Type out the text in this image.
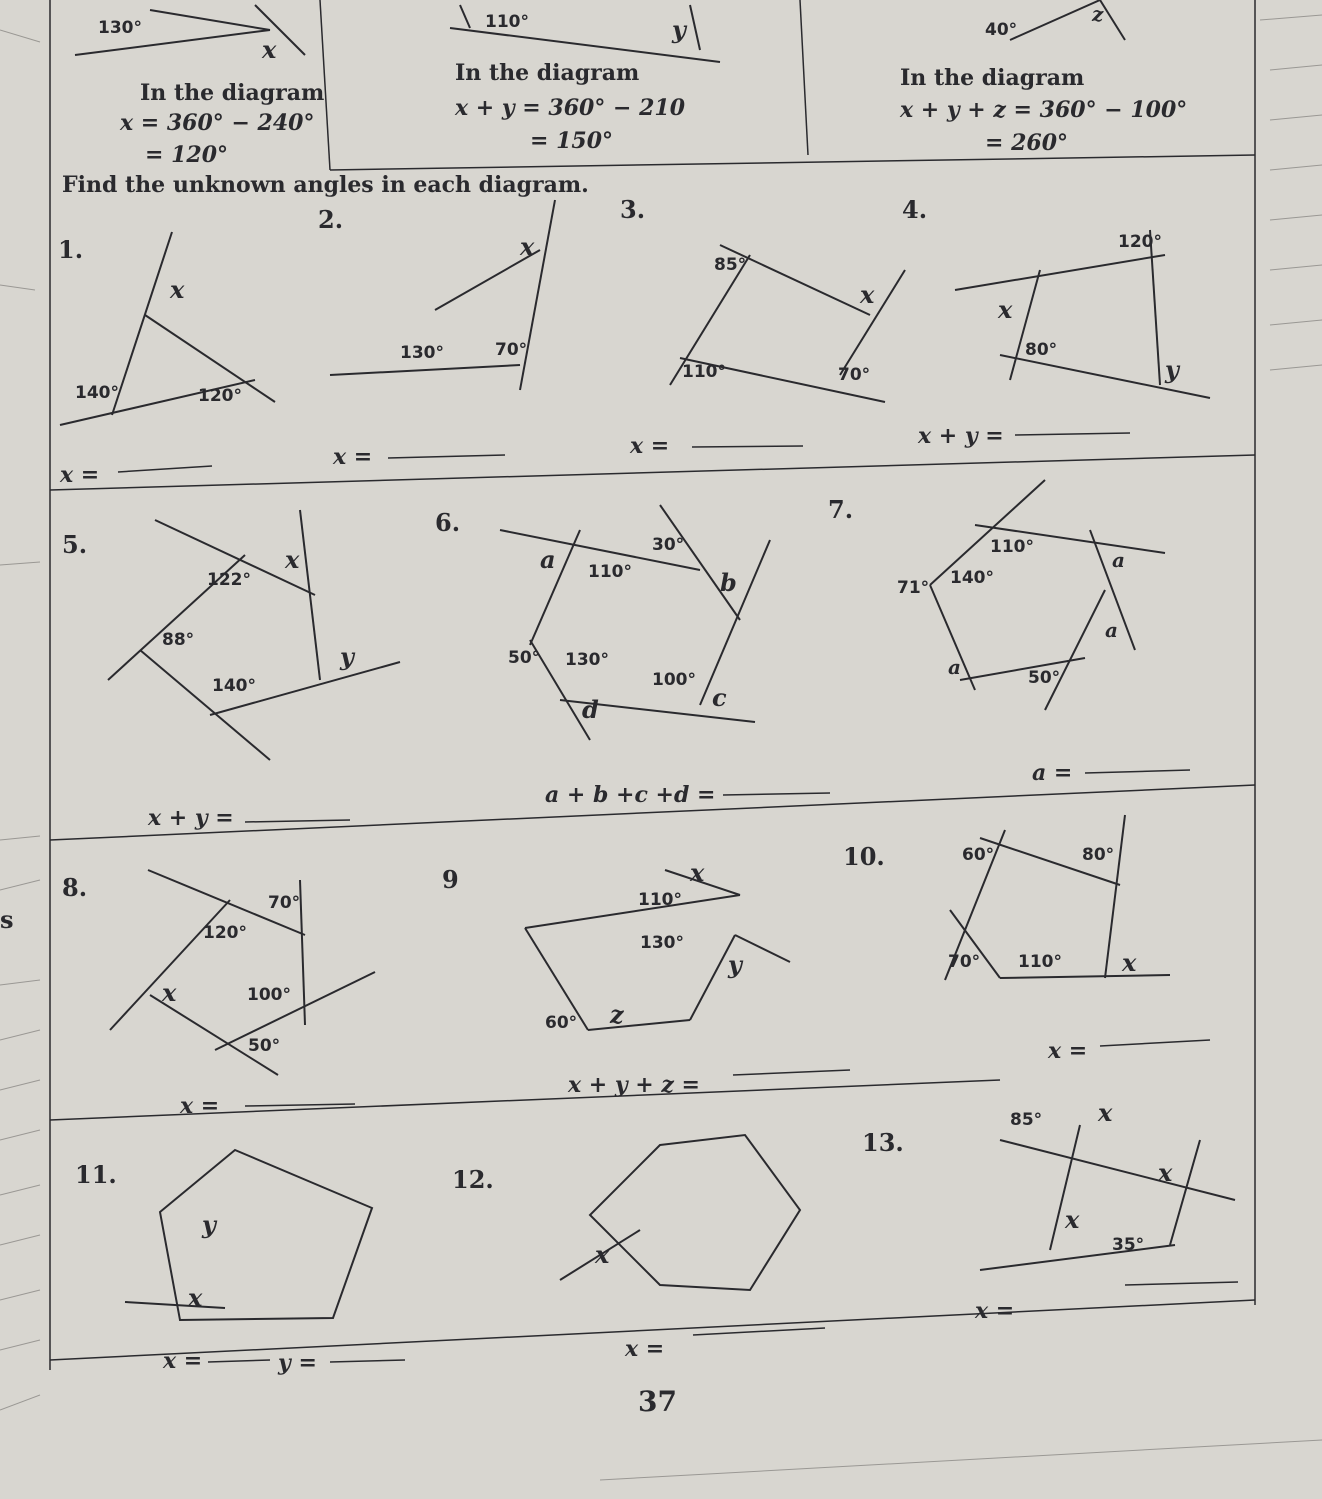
In the diagram
x = 360° − 240°
= 120°
130°
x
In the diagram
x + y = 360° − 210
= 150°
110°	y
In the diagram
x + y + z = 360° − 100°
= 260°
40°
z
Find the unknown angles in each diagram.
1.
x
140°	120°
x =
2.
x
130°	70°
x =
3.
85°
x
110°	70°
x =
4.
120°
x
80°
y
x + y =
5.
122°
x
88°
y
140°
x + y =
6.
30°
a 110°	b
50° 130°
100°
d	c
a + b +c +d =
7.
110°
a
71° 140°
a
a	50°
a =
8.
s
70°
120°
x	100°
50°
x =
9	x
110°
130°
y
60° z
x + y + z =
10.	60°	80°
70° 110°	x
x =
11.
y
x
x =	y =
12.
x
x =
13.
85° x
x
x
35°
x =
37
